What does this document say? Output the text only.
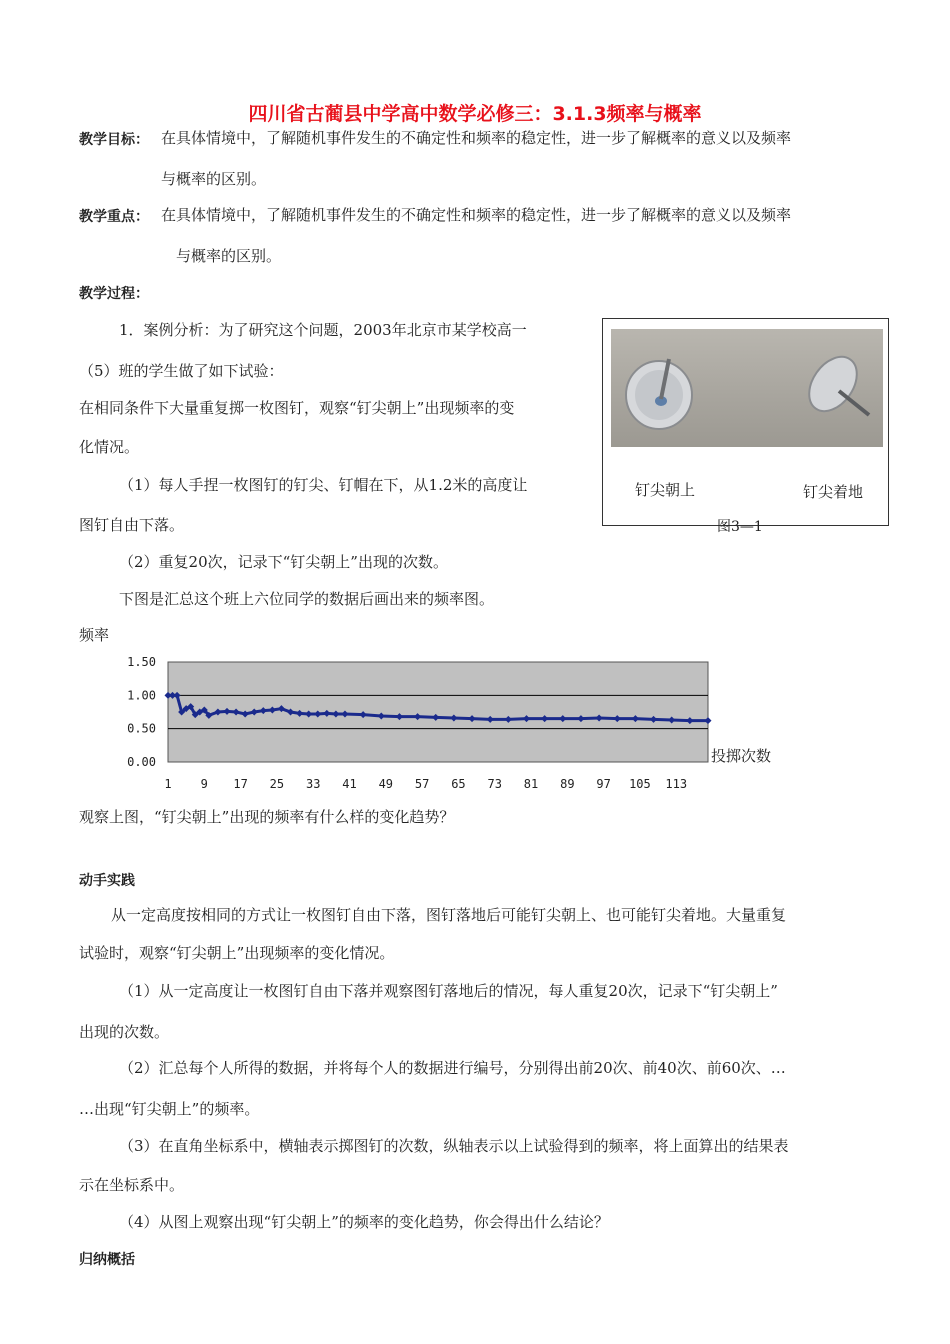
四川省古蔺县中学高中数学必修三：3.1.3频率与概率
教学目标： 在具体情境中，了解随机事件发生的不确定性和频率的稳定性，进一步了解概率的意义以及频率
与概率的区别。
教学重点： 在具体情境中，了解随机事件发生的不确定性和频率的稳定性，进一步了解概率的意义以及频率
与概率的区别。
教学过程：
1．案例分析：为了研究这个问题，2003年北京市某学校高一
（5）班的学生做了如下试验：
在相同条件下大量重复掷一枚图钉，观察“钉尖朝上”出现频率的变
化情况。
（1）每人手捏一枚图钉的钉尖、钉帽在下，从1.2米的高度让
图钉自由下落。
（2）重复20次，记录下“钉尖朝上”出现的次数。
下图是汇总这个班上六位同学的数据后画出来的频率图。
钉尖朝上	钉尖着地
图3—1
频率
投掷次数
1.50
1.00
0.50
0.00
1 9 17 25 33 41 49 57 65 73 81 89 97 105 113
观察上图，“钉尖朝上”出现的频率有什么样的变化趋势？
动手实践
从一定高度按相同的方式让一枚图钉自由下落，图钉落地后可能钉尖朝上、也可能钉尖着地。大量重复
试验时，观察“钉尖朝上”出现频率的变化情况。
（1）从一定高度让一枚图钉自由下落并观察图钉落地后的情况，每人重复20次，记录下“钉尖朝上”
出现的次数。
（2）汇总每个人所得的数据，并将每个人的数据进行编号，分别得出前20次、前40次、前60次、…
…出现“钉尖朝上”的频率。
（3）在直角坐标系中，横轴表示掷图钉的次数，纵轴表示以上试验得到的频率，将上面算出的结果表
示在坐标系中。
（4）从图上观察出现“钉尖朝上”的频率的变化趋势，你会得出什么结论？
归纳概括
